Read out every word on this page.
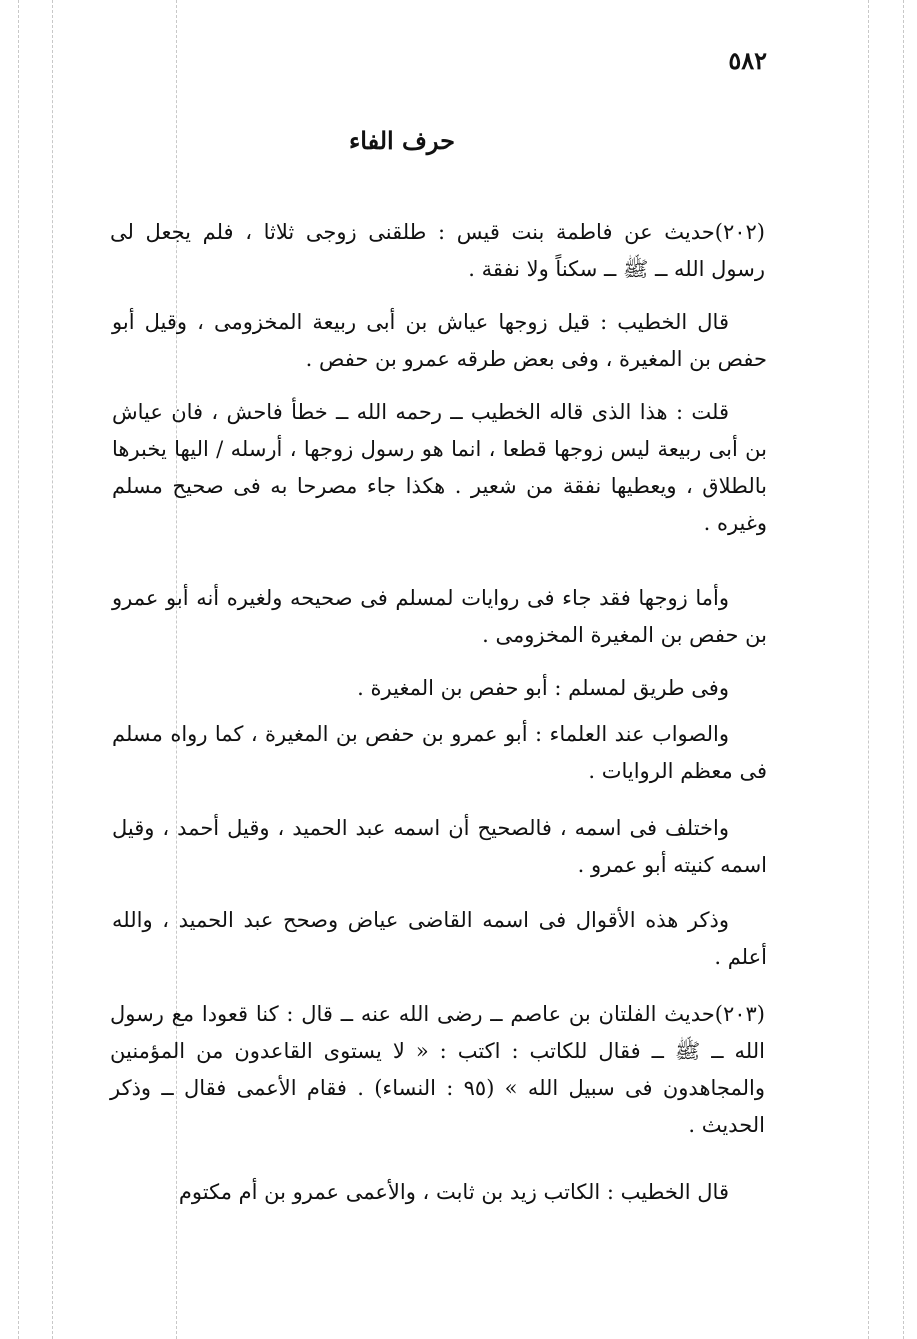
٥٨٢
حرف الفاء

(٢٠٢)حديث عن فاطمة بنت قيس : طلقنى زوجى ثلاثا ، فلم يجعل لى رسول الله ــ ﷺ ــ سكناً ولا نفقة .

قال الخطيب : قيل زوجها عياش بن أبى ربيعة المخزومى ، وقيل أبو حفص بن المغيرة ، وفى بعض طرقه عمرو بن حفص .

قلت : هذا الذى قاله الخطيب ــ رحمه الله ــ خطأ فاحش ، فان عياش بن أبى ربيعة ليس زوجها قطعا ، انما هو رسول زوجها ، أرسله / اليها يخبرها بالطلاق ، ويعطيها نفقة من شعير . هكذا جاء مصرحا به فى صحيح مسلم وغيره .

وأما زوجها فقد جاء فى روايات لمسلم فى صحيحه ولغيره أنه أبو عمرو بن حفص بن المغيرة المخزومى .

وفى طريق لمسلم : أبو حفص بن المغيرة .

والصواب عند العلماء : أبو عمرو بن حفص بن المغيرة ، كما رواه مسلم فى معظم الروايات .

واختلف فى اسمه ، فالصحيح أن اسمه عبد الحميد ، وقيل أحمد ، وقيل اسمه كنيته أبو عمرو .

وذكر هذه الأقوال فى اسمه القاضى عياض وصحح عبد الحميد ، والله أعلم .

(٢٠٣)حديث الفلتان بن عاصم ــ رضى الله عنه ــ قال : كنا قعودا مع رسول الله ــ ﷺ ــ فقال للكاتب : اكتب : « لا يستوى القاعدون من المؤمنين والمجاهدون فى سبيل الله » (٩٥ : النساء) . فقام الأعمى فقال ــ وذكر الحديث .

قال الخطيب : الكاتب زيد بن ثابت ، والأعمى عمرو بن أم مكتوم
